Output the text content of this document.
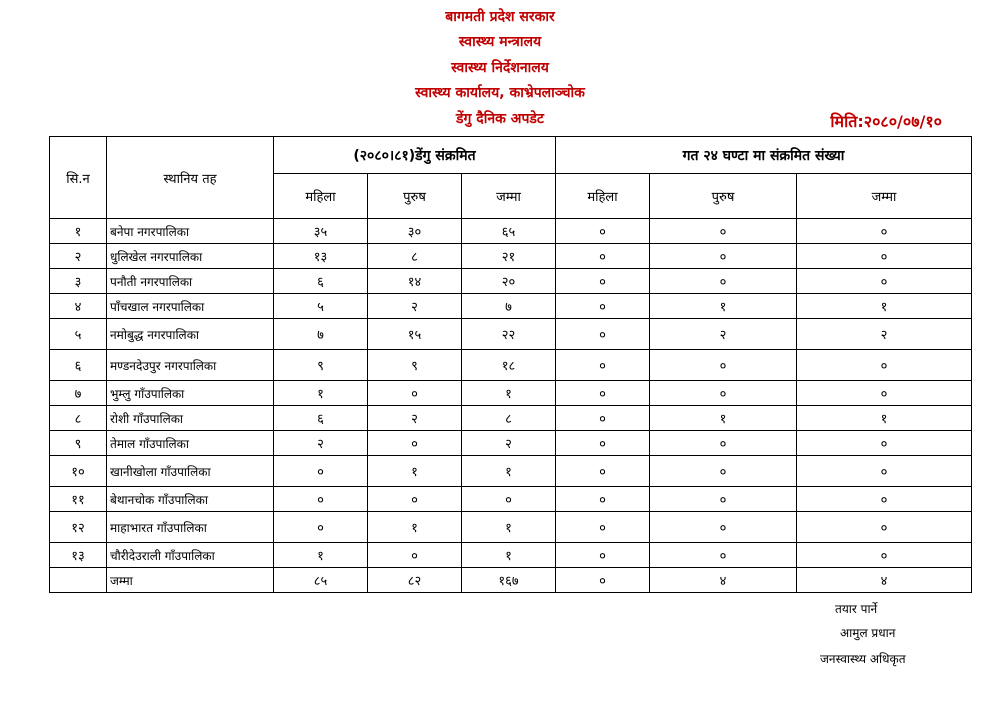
बागमती प्रदेश सरकार
स्वास्थ्य मन्त्रालय
स्वास्थ्य निर्देशनालय
स्वास्थ्य कार्यालय, काभ्रेपलाञ्चोक
डेंगु दैनिक अपडेट	मिति:२०८०/०७/१०
सि.न	स्थानिय तह	(२०८०।८१)डेंगु संक्रमित			गत २४ घण्टा मा संक्रमित संख्या		
		महिला	पुरुष	जम्मा	महिला	पुरुष	जम्मा
१	बनेपा नगरपालिका	३५	३०	६५	०	०	०
२	धुलिखेल नगरपालिका	१३	८	२१	०	०	०
३	पनौती नगरपालिका	६	१४	२०	०	०	०
४	पाँचखाल नगरपालिका	५	२	७	०	१	१
५	नमोबुद्ध नगरपालिका	७	१५	२२	०	२	२
६	मण्डनदेउपुर नगरपालिका	९	९	१८	०	०	०
७	भुम्लु गाँउपालिका	१	०	१	०	०	०
८	रोशी गाँउपालिका	६	२	८	०	१	१
९	तेमाल गाँउपालिका	२	०	२	०	०	०
१०	खानीखोला गाँउपालिका	०	१	१	०	०	०
११	बेथानचोक गाँउपालिका	०	०	०	०	०	०
१२	माहाभारत गाँउपालिका	०	१	१	०	०	०
१३	चौरीदेउराली गाँउपालिका	१	०	१	०	०	०
	जम्मा	८५	८२	१६७	०	४	४
तयार पार्ने
आमुल प्रधान
जनस्वास्थ्य अधिकृत
